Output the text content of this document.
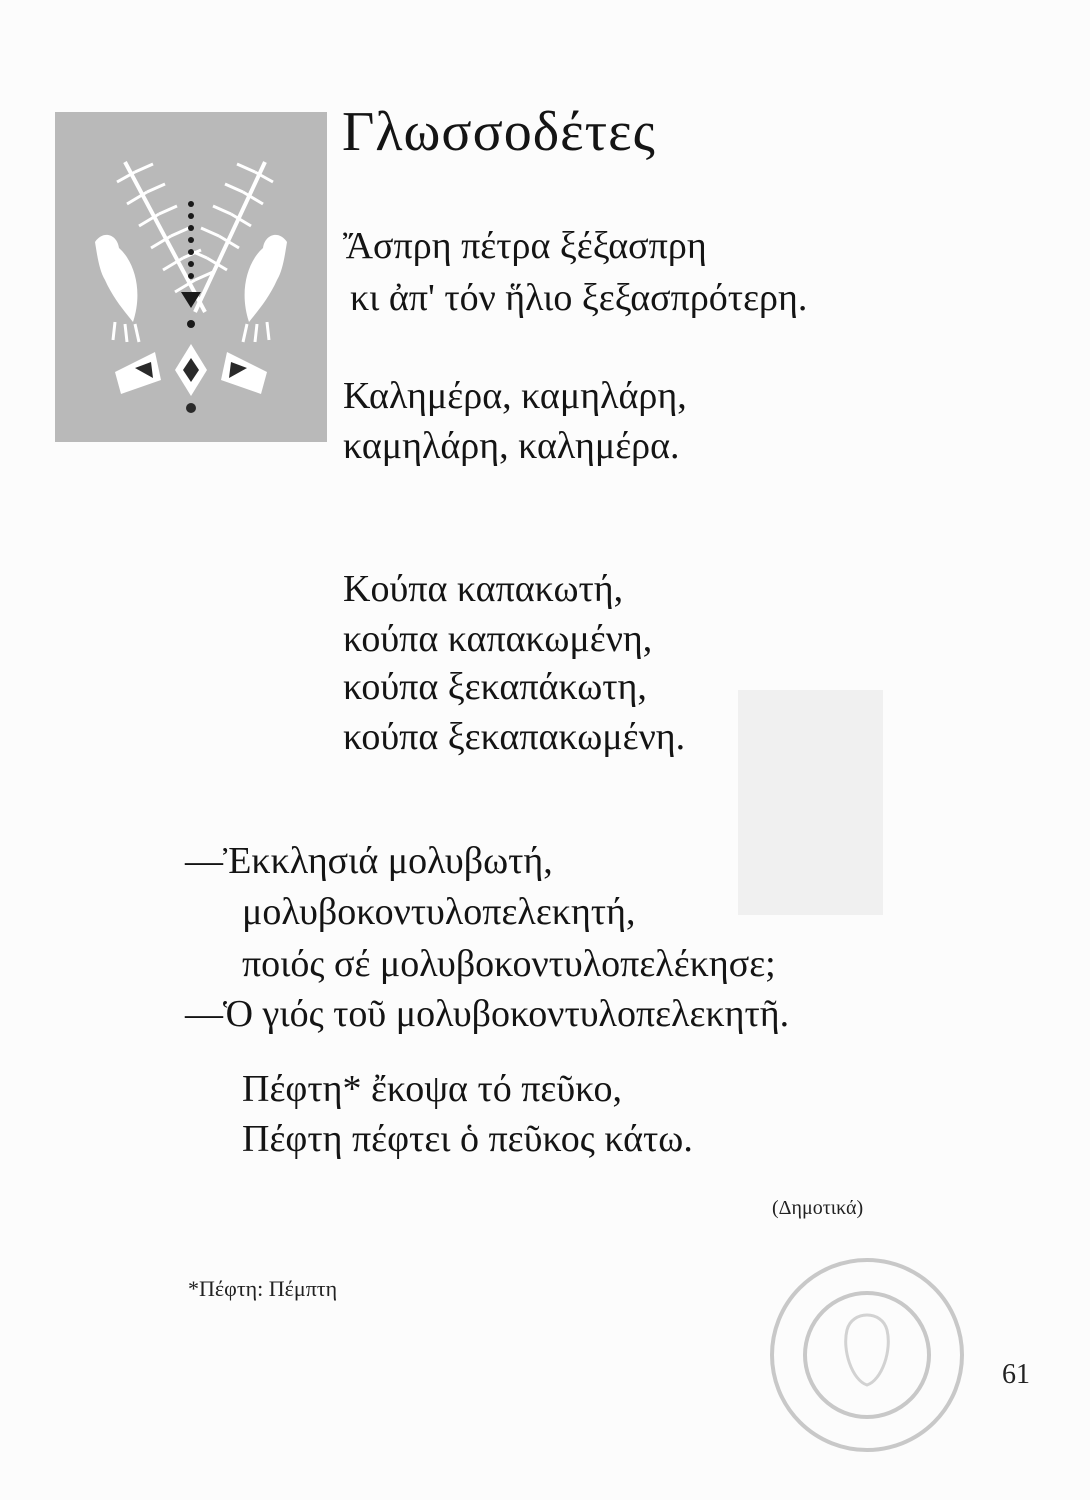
Γλωσσοδέτες

Ἄσπρη πέτρα ξέξασπρη

κι ἀπ' τόν ἥλιο ξεξασπρότερη.

Καλημέρα, καμηλάρη,

καμηλάρη, καλημέρα.

Κούπα καπακωτή,

κούπα καπακωμένη,

κούπα ξεκαπάκωτη,

κούπα ξεκαπακωμένη.

—Ἐκκλησιά μολυβωτή,

μολυβοκοντυλοπελεκητή,

ποιός σέ μολυβοκοντυλοπελέκησε;

—Ὁ γιός τοῦ μολυβοκοντυλοπελεκητῆ.

Πέφτη* ἔκοψα τό πεῦκο,

Πέφτη πέφτει ὁ πεῦκος κάτω.

(Δημοτικά)
*Πέφτη: Πέμπτη
61
